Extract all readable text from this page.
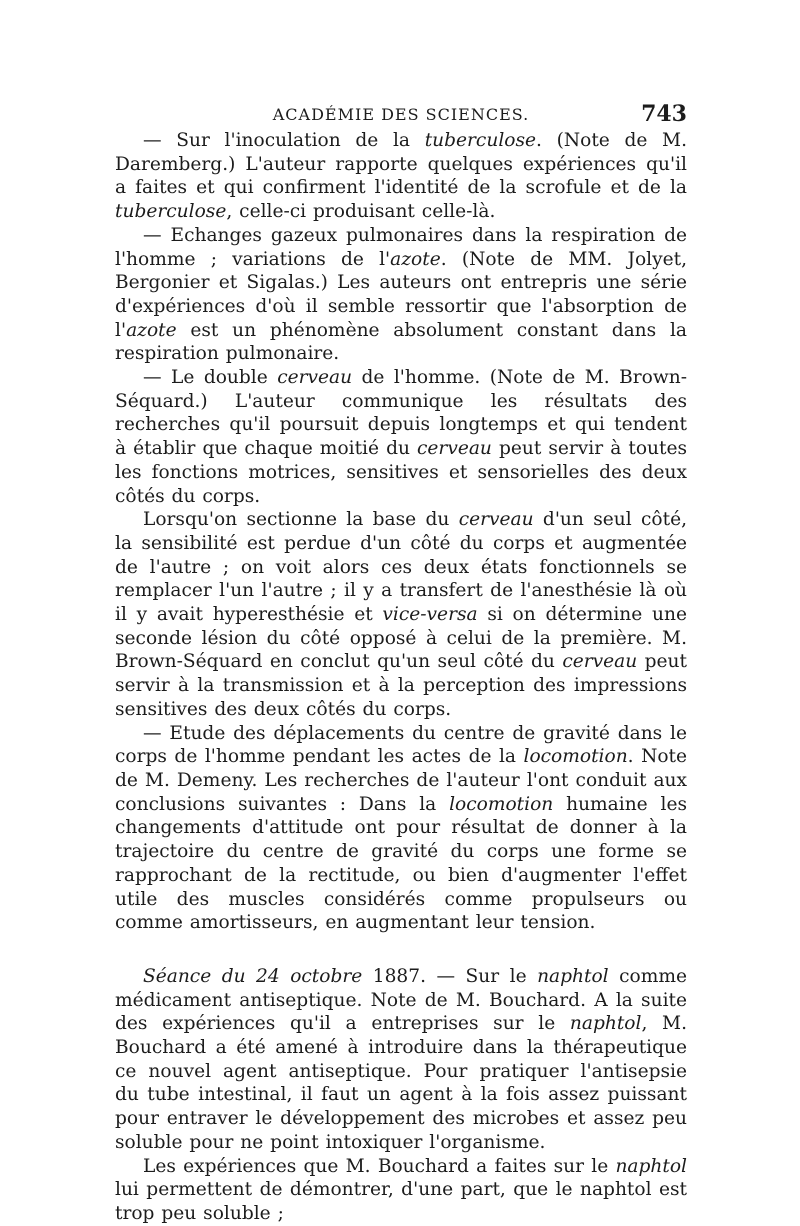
ACADÉMIE DES SCIENCES.	743

— Sur l'inoculation de la tuberculose. (Note de M. Daremberg.) L'auteur rapporte quelques expériences qu'il a faites et qui confirment l'identité de la scrofule et de la tuberculose, celle-ci produisant celle-là.

— Echanges gazeux pulmonaires dans la respiration de l'homme ; variations de l'azote. (Note de MM. Jolyet, Bergonier et Sigalas.) Les auteurs ont entrepris une série d'expériences d'où il semble ressortir que l'absorption de l'azote est un phénomène absolument constant dans la respiration pulmonaire.

— Le double cerveau de l'homme. (Note de M. Brown-Séquard.) L'auteur communique les résultats des recherches qu'il poursuit depuis longtemps et qui tendent à établir que chaque moitié du cerveau peut servir à toutes les fonctions motrices, sensitives et sensorielles des deux côtés du corps.

Lorsqu'on sectionne la base du cerveau d'un seul côté, la sensibilité est perdue d'un côté du corps et augmentée de l'autre ; on voit alors ces deux états fonctionnels se remplacer l'un l'autre ; il y a transfert de l'anesthésie là où il y avait hyperesthésie et vice-versa si on détermine une seconde lésion du côté opposé à celui de la première. M. Brown-Séquard en conclut qu'un seul côté du cerveau peut servir à la transmission et à la perception des impressions sensitives des deux côtés du corps.

— Etude des déplacements du centre de gravité dans le corps de l'homme pendant les actes de la locomotion. Note de M. Demeny. Les recherches de l'auteur l'ont conduit aux conclusions suivantes : Dans la locomotion humaine les changements d'attitude ont pour résultat de donner à la trajectoire du centre de gravité du corps une forme se rapprochant de la rectitude, ou bien d'augmenter l'effet utile des muscles considérés comme propulseurs ou comme amortisseurs, en augmentant leur tension.

Séance du 24 octobre 1887. — Sur le naphtol comme médicament antiseptique. Note de M. Bouchard. A la suite des expériences qu'il a entreprises sur le naphtol, M. Bouchard a été amené à introduire dans la thérapeutique ce nouvel agent antiseptique. Pour pratiquer l'antisepsie du tube intestinal, il faut un agent à la fois assez puissant pour entraver le développement des microbes et assez peu soluble pour ne point intoxiquer l'organisme.

Les expériences que M. Bouchard a faites sur le naphtol lui permettent de démontrer, d'une part, que le naphtol est trop peu soluble ;
